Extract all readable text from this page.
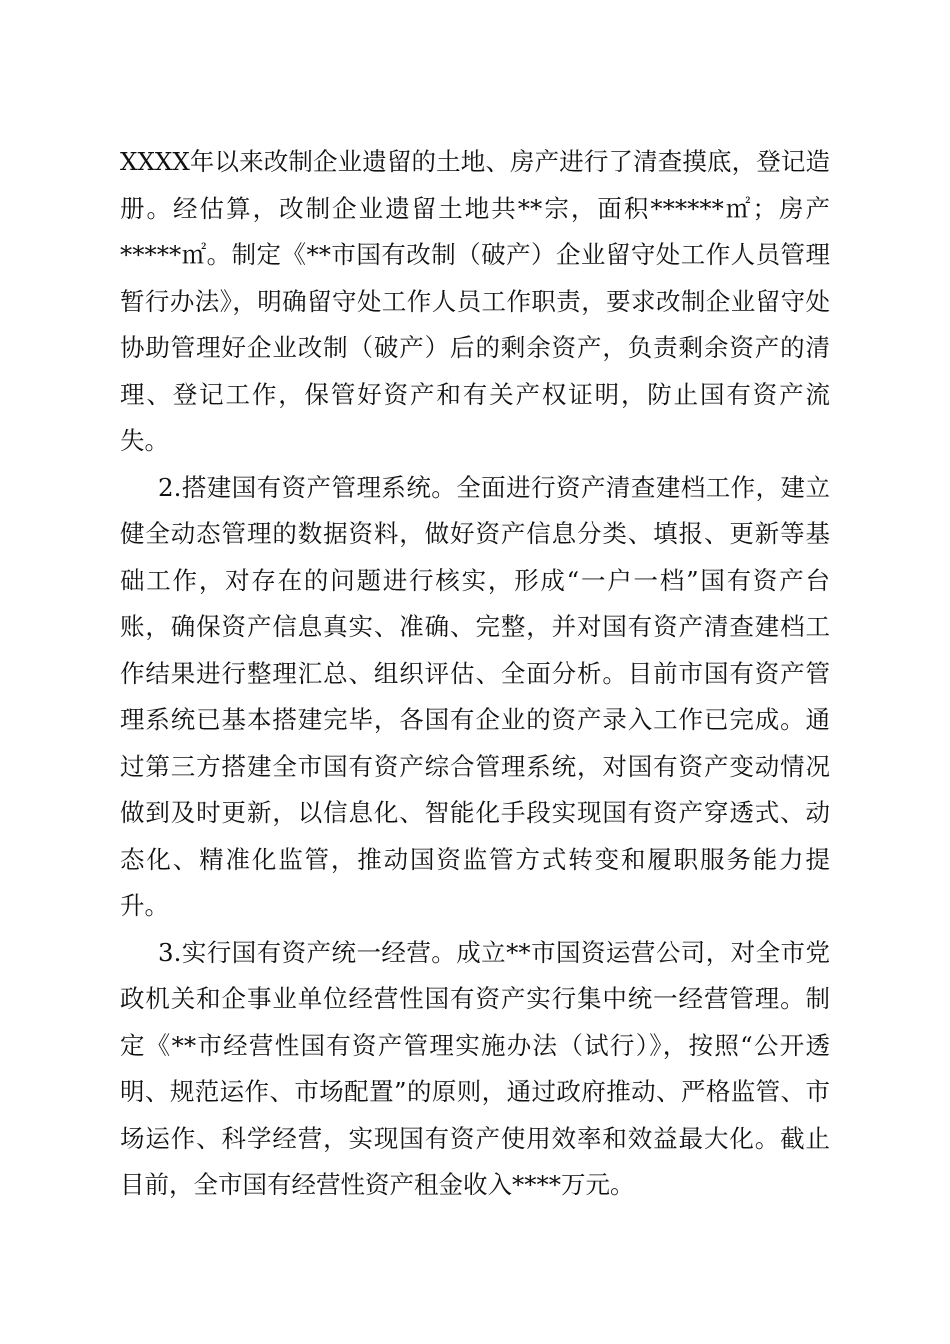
XXXX年以来改制企业遗留的土地、房产进行了清查摸底，登记造册。经估算，改制企业遗留土地共**宗，面积******㎡；房产*****㎡。制定《**市国有改制（破产）企业留守处工作人员管理暂行办法》，明确留守处工作人员工作职责，要求改制企业留守处协助管理好企业改制（破产）后的剩余资产，负责剩余资产的清理、登记工作，保管好资产和有关产权证明，防止国有资产流失。

2.搭建国有资产管理系统。全面进行资产清查建档工作，建立健全动态管理的数据资料，做好资产信息分类、填报、更新等基础工作，对存在的问题进行核实，形成“一户一档”国有资产台账，确保资产信息真实、准确、完整，并对国有资产清查建档工作结果进行整理汇总、组织评估、全面分析。目前市国有资产管理系统已基本搭建完毕，各国有企业的资产录入工作已完成。通过第三方搭建全市国有资产综合管理系统，对国有资产变动情况做到及时更新，以信息化、智能化手段实现国有资产穿透式、动态化、精准化监管，推动国资监管方式转变和履职服务能力提升。

3.实行国有资产统一经营。成立**市国资运营公司，对全市党政机关和企事业单位经营性国有资产实行集中统一经营管理。制定《**市经营性国有资产管理实施办法（试行）》，按照“公开透明、规范运作、市场配置”的原则，通过政府推动、严格监管、市场运作、科学经营，实现国有资产使用效率和效益最大化。截止目前，全市国有经营性资产租金收入****万元。
